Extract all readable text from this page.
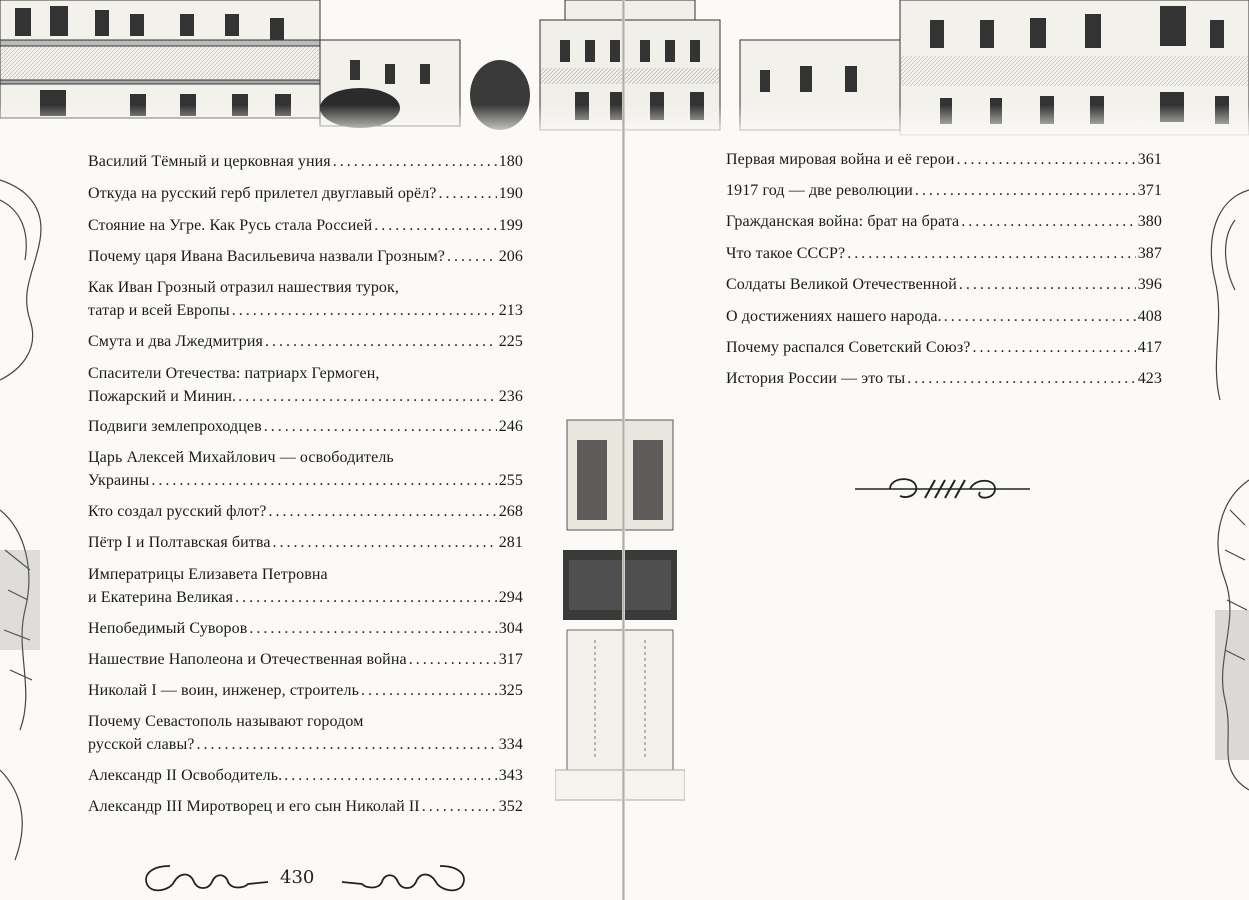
Василий Тёмный и церковная уния . . .	180
Откуда на русский герб прилетел двуглавый орёл? . . .	190
Стояние на Угре. Как Русь стала Россией . . .	199
Почему царя Ивана Васильевича назвали Грозным? . . .	206
Как Иван Грозный отразил нашествия турок,
татар и всей Европы . . .	213
Смута и два Лжедмитрия . . .	225
Спасители Отечества: патриарх Гермоген,
Пожарский и Минин. . . .	236
Подвиги землепроходцев . . .	246
Царь Алексей Михайлович — освободитель
Украины . . .	255
Кто создал русский флот? . . .	268
Пётр I и Полтавская битва . . .	281
Императрицы Елизавета Петровна
и Екатерина Великая . . .	294
Непобедимый Суворов . . .	304
Нашествие Наполеона и Отечественная война . . .	317
Николай I — воин, инженер, строитель . . .	325
Почему Севастополь называют городом
русской славы? . . .	334
Александр II Освободитель. . . .	343
Александр III Миротворец и его сын Николай II . . .	352
Первая мировая война и её герои . . .	361
1917 год — две революции . . .	371
Гражданская война: брат на брата . . .	380
Что такое СССР? . . .	387
Солдаты Великой Отечественной . . .	396
О достижениях нашего народа. . . .	408
Почему распался Советский Союз? . . .	417
История России — это ты . . .	423
430
